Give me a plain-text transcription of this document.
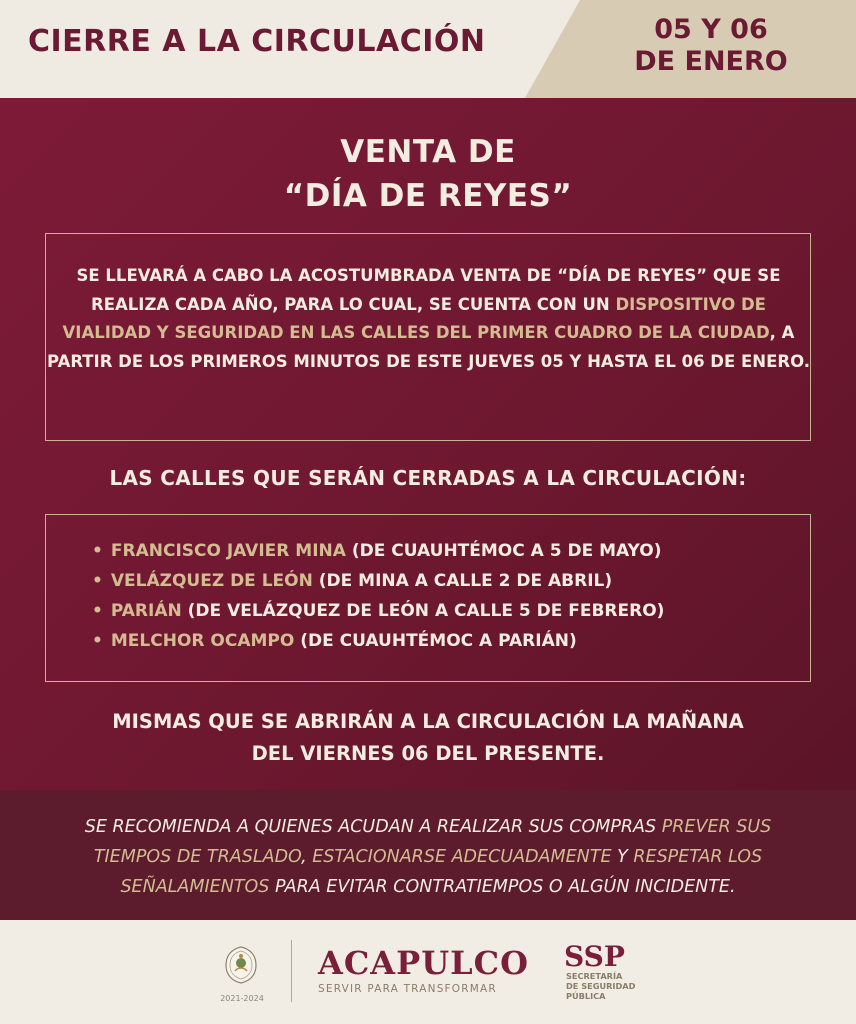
CIERRE A LA CIRCULACIÓN	05 Y 06
DE ENERO
VENTA DE
“DÍA DE REYES”
SE LLEVARÁ A CABO LA ACOSTUMBRADA VENTA DE “DÍA DE REYES” QUE SE REALIZA CADA AÑO, PARA LO CUAL, SE CUENTA CON UN DISPOSITIVO DE VIALIDAD Y SEGURIDAD EN LAS CALLES DEL PRIMER CUADRO DE LA CIUDAD, A PARTIR DE LOS PRIMEROS MINUTOS DE ESTE JUEVES 05 Y HASTA EL 06 DE ENERO.
LAS CALLES QUE SERÁN CERRADAS A LA CIRCULACIÓN:
• FRANCISCO JAVIER MINA (DE CUAUHTÉMOC A 5 DE MAYO)
• VELÁZQUEZ DE LEÓN (DE MINA A CALLE 2 DE ABRIL)
• PARIÁN (DE VELÁZQUEZ DE LEÓN A CALLE 5 DE FEBRERO)
• MELCHOR OCAMPO (DE CUAUHTÉMOC A PARIÁN)
MISMAS QUE SE ABRIRÁN A LA CIRCULACIÓN LA MAÑANA
DEL VIERNES 06 DEL PRESENTE.
SE RECOMIENDA A QUIENES ACUDAN A REALIZAR SUS COMPRAS PREVER SUS TIEMPOS DE TRASLADO, ESTACIONARSE ADECUADAMENTE Y RESPETAR LOS SEÑALAMIENTOS PARA EVITAR CONTRATIEMPOS O ALGÚN INCIDENTE.
2021-2024
ACAPULCO
SERVIR PARA TRANSFORMAR
SSP
SECRETARÍA
DE SEGURIDAD
PÚBLICA
